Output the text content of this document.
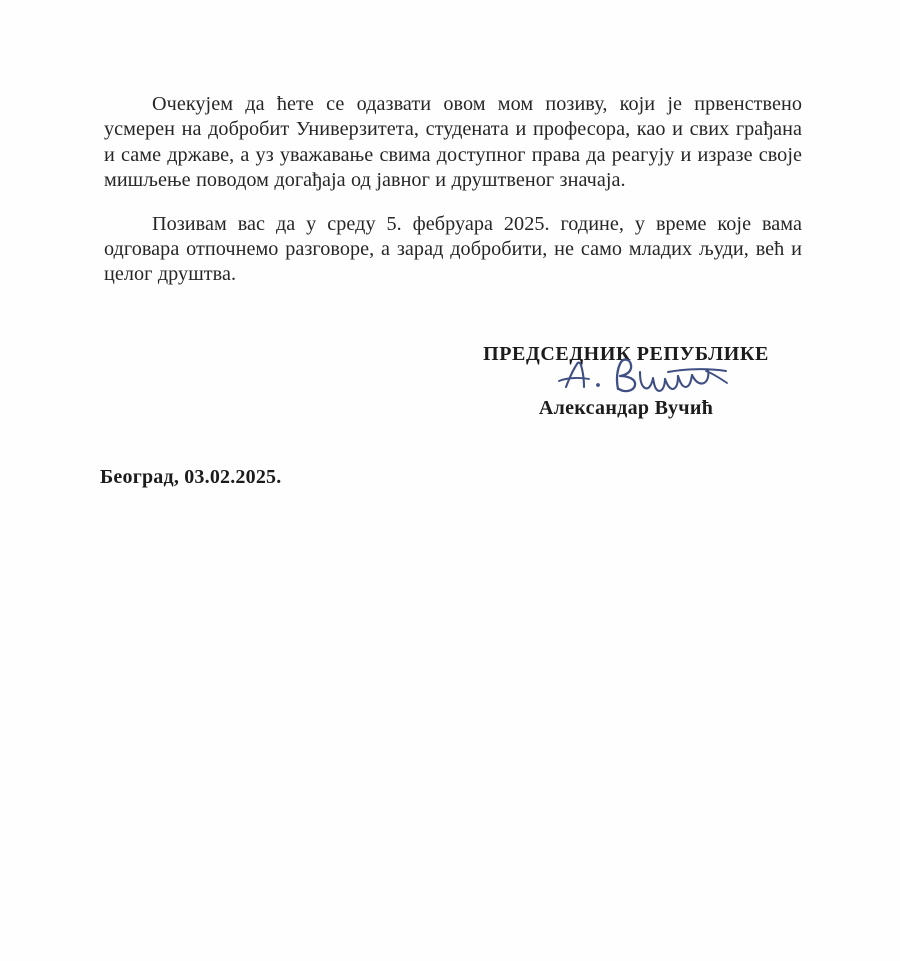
Очекујем да ћете се одазвати овом мом позиву, који је првенствено усмерен на добробит Универзитета, студената и професора, као и свих грађана и саме државе, а уз уважавање свима доступног права да реагују и изразе своје мишљење поводом догађаја од јавног и друштвеног значаја.

Позивам вас да у среду 5. фебруара 2025. године, у време које вама одговара отпочнемо разговоре, а зарад добробити, не само младих људи, већ и целог друштва.

ПРЕДСЕДНИК РЕПУБЛИКЕ
Александар Вучић
Београд, 03.02.2025.
